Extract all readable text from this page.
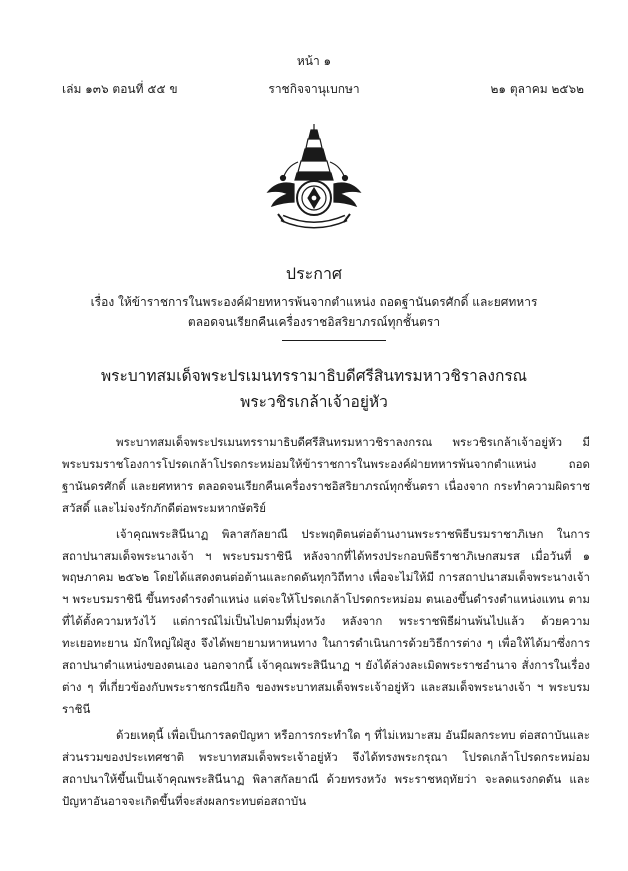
หน้า ๑
เล่ม ๑๓๖ ตอนที่ ๕๕ ข	ราชกิจจานุเบกษา	๒๑ ตุลาคม ๒๕๖๒
ประกาศ
เรื่อง ให้ข้าราชการในพระองค์ฝ่ายทหารพ้นจากตำแหน่ง ถอดฐานันดรศักดิ์ และยศทหาร
ตลอดจนเรียกคืนเครื่องราชอิสริยาภรณ์ทุกชั้นตรา
พระบาทสมเด็จพระปรเมนทรรามาธิบดีศรีสินทรมหาวชิราลงกรณ
พระวชิรเกล้าเจ้าอยู่หัว

พระบาทสมเด็จพระปรเมนทรรามาธิบดีศรีสินทรมหาวชิราลงกรณ พระวชิรเกล้าเจ้าอยู่หัว มีพระบรมราชโองการโปรดเกล้าโปรดกระหม่อมให้ข้าราชการในพระองค์ฝ่ายทหารพ้นจากตำแหน่ง ถอดฐานันดรศักดิ์ และยศทหาร ตลอดจนเรียกคืนเครื่องราชอิสริยาภรณ์ทุกชั้นตรา เนื่องจาก กระทำความผิดราชสวัสดิ์ และไม่จงรักภักดีต่อพระมหากษัตริย์

เจ้าคุณพระสินีนาฏ พิลาสกัลยาณี ประพฤติตนต่อต้านงานพระราชพิธีบรมราชาภิเษก ในการสถาปนาสมเด็จพระนางเจ้า ฯ พระบรมราชินี หลังจากที่ได้ทรงประกอบพิธีราชาภิเษกสมรส เมื่อวันที่ ๑ พฤษภาคม ๒๕๖๒ โดยได้แสดงตนต่อต้านและกดดันทุกวิถีทาง เพื่อจะไม่ให้มี การสถาปนาสมเด็จพระนางเจ้า ฯ พระบรมราชินี ขึ้นทรงดำรงตำแหน่ง แต่จะให้โปรดเกล้าโปรดกระหม่อม ตนเองขึ้นดำรงตำแหน่งแทน ตามที่ได้ตั้งความหวังไว้ แต่การณ์ไม่เป็นไปตามที่มุ่งหวัง หลังจาก พระราชพิธีผ่านพ้นไปแล้ว ด้วยความทะเยอทะยาน มักใหญ่ใฝ่สูง จึงได้พยายามหาหนทาง ในการดำเนินการด้วยวิธีการต่าง ๆ เพื่อให้ได้มาซึ่งการสถาปนาตำแหน่งของตนเอง นอกจากนี้ เจ้าคุณพระสินีนาฏ ฯ ยังได้ล่วงละเมิดพระราชอำนาจ สั่งการในเรื่องต่าง ๆ ที่เกี่ยวข้องกับพระราชกรณียกิจ ของพระบาทสมเด็จพระเจ้าอยู่หัว และสมเด็จพระนางเจ้า ฯ พระบรมราชินี

ด้วยเหตุนี้ เพื่อเป็นการลดปัญหา หรือการกระทำใด ๆ ที่ไม่เหมาะสม อันมีผลกระทบ ต่อสถาบันและส่วนรวมของประเทศชาติ พระบาทสมเด็จพระเจ้าอยู่หัว จึงได้ทรงพระกรุณา โปรดเกล้าโปรดกระหม่อมสถาปนาให้ขึ้นเป็นเจ้าคุณพระสินีนาฏ พิลาสกัลยาณี ด้วยทรงหวัง พระราชหฤทัยว่า จะลดแรงกดดัน และปัญหาอันอาจจะเกิดขึ้นที่จะส่งผลกระทบต่อสถาบัน
